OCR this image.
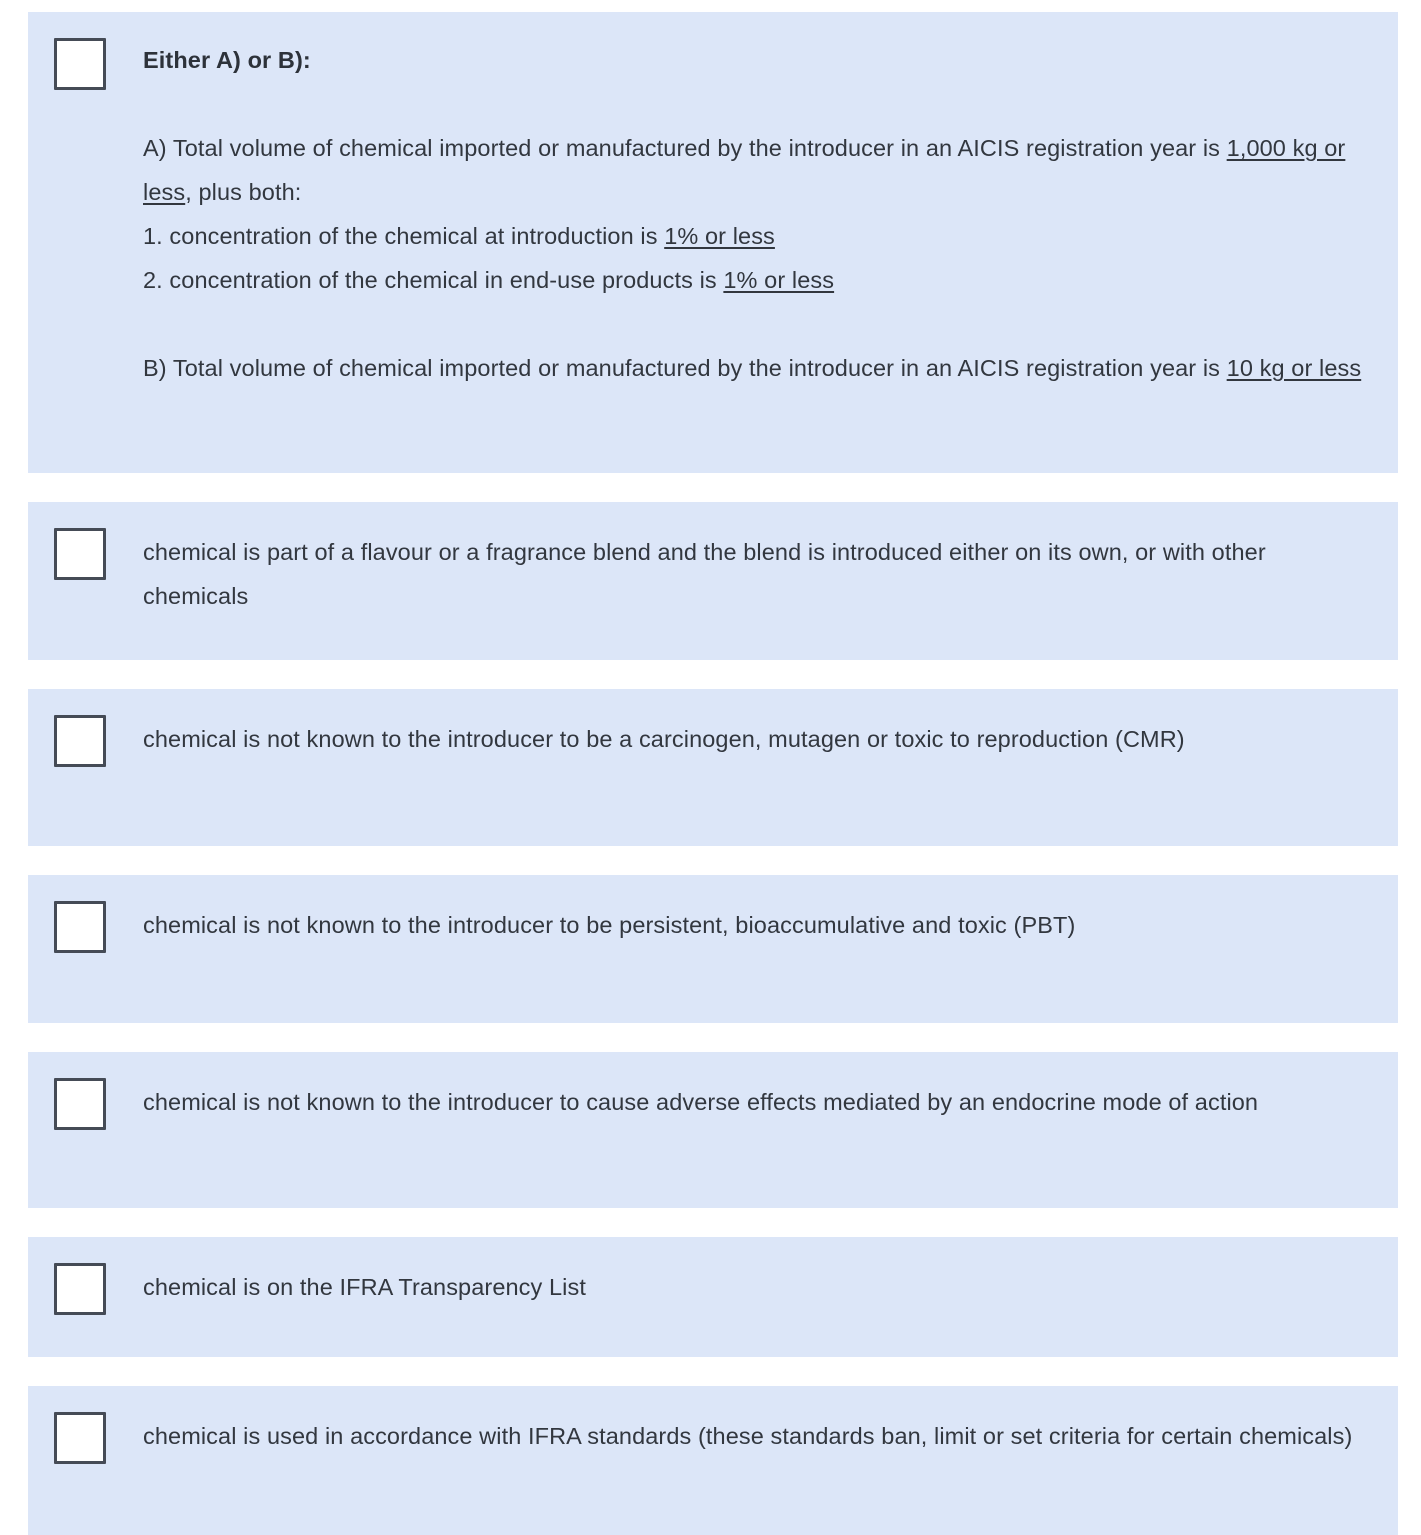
Either A) or B):
A) Total volume of chemical imported or manufactured by the introducer in an AICIS registration year is 1,000 kg or less, plus both:
1. concentration of the chemical at introduction is 1% or less
2. concentration of the chemical in end-use products is 1% or less
B) Total volume of chemical imported or manufactured by the introducer in an AICIS registration year is 10 kg or less
chemical is part of a flavour or a fragrance blend and the blend is introduced either on its own, or with other chemicals
chemical is not known to the introducer to be a carcinogen, mutagen or toxic to reproduction (CMR)
chemical is not known to the introducer to be persistent, bioaccumulative and toxic (PBT)
chemical is not known to the introducer to cause adverse effects mediated by an endocrine mode of action
chemical is on the IFRA Transparency List
chemical is used in accordance with IFRA standards (these standards ban, limit or set criteria for certain chemicals)
